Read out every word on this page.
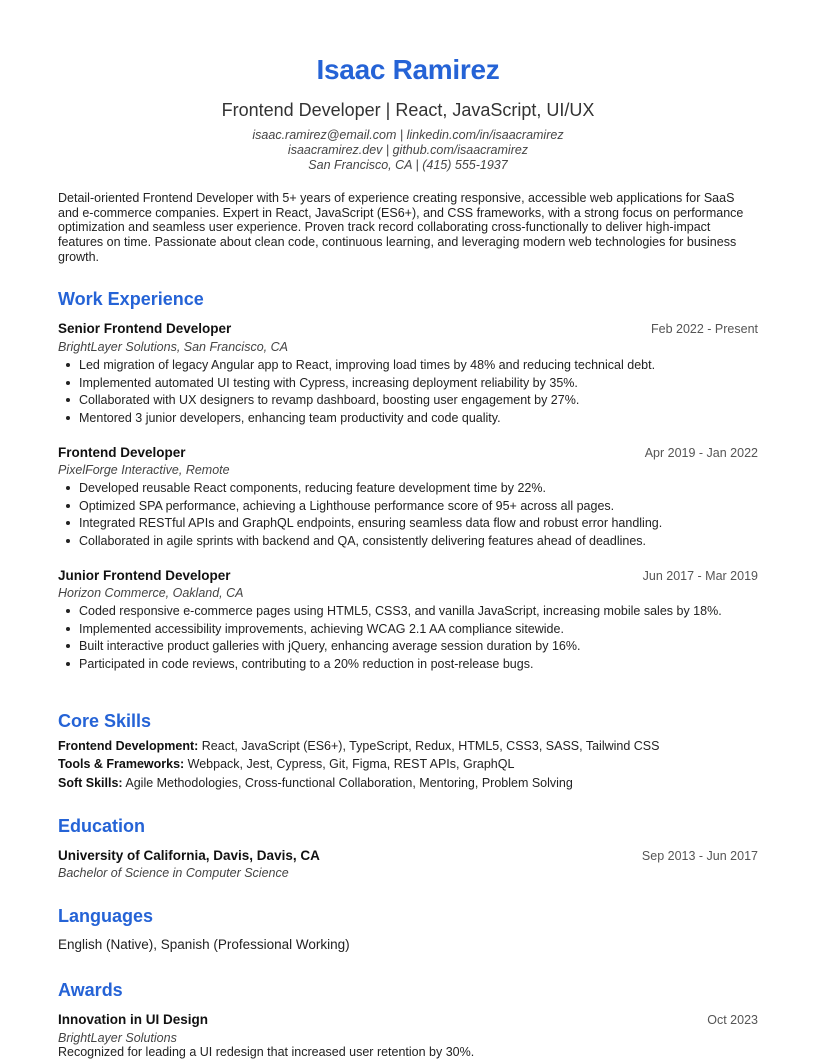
Isaac Ramirez
Frontend Developer | React, JavaScript, UI/UX
isaac.ramirez@email.com | linkedin.com/in/isaacramirez
isaacramirez.dev | github.com/isaacramirez
San Francisco, CA | (415) 555-1937
Detail-oriented Frontend Developer with 5+ years of experience creating responsive, accessible web applications for SaaS and e-commerce companies. Expert in React, JavaScript (ES6+), and CSS frameworks, with a strong focus on performance optimization and seamless user experience. Proven track record collaborating cross-functionally to deliver high-impact features on time. Passionate about clean code, continuous learning, and leveraging modern web technologies for business growth.
Work Experience
Senior Frontend Developer	Feb 2022 - Present
BrightLayer Solutions, San Francisco, CA
Led migration of legacy Angular app to React, improving load times by 48% and reducing technical debt.
Implemented automated UI testing with Cypress, increasing deployment reliability by 35%.
Collaborated with UX designers to revamp dashboard, boosting user engagement by 27%.
Mentored 3 junior developers, enhancing team productivity and code quality.
Frontend Developer	Apr 2019 - Jan 2022
PixelForge Interactive, Remote
Developed reusable React components, reducing feature development time by 22%.
Optimized SPA performance, achieving a Lighthouse performance score of 95+ across all pages.
Integrated RESTful APIs and GraphQL endpoints, ensuring seamless data flow and robust error handling.
Collaborated in agile sprints with backend and QA, consistently delivering features ahead of deadlines.
Junior Frontend Developer	Jun 2017 - Mar 2019
Horizon Commerce, Oakland, CA
Coded responsive e-commerce pages using HTML5, CSS3, and vanilla JavaScript, increasing mobile sales by 18%.
Implemented accessibility improvements, achieving WCAG 2.1 AA compliance sitewide.
Built interactive product galleries with jQuery, enhancing average session duration by 16%.
Participated in code reviews, contributing to a 20% reduction in post-release bugs.
Core Skills
Frontend Development: React, JavaScript (ES6+), TypeScript, Redux, HTML5, CSS3, SASS, Tailwind CSS
Tools & Frameworks: Webpack, Jest, Cypress, Git, Figma, REST APIs, GraphQL
Soft Skills: Agile Methodologies, Cross-functional Collaboration, Mentoring, Problem Solving
Education
University of California, Davis, Davis, CA	Sep 2013 - Jun 2017
Bachelor of Science in Computer Science
Languages
English (Native), Spanish (Professional Working)
Awards
Innovation in UI Design	Oct 2023
BrightLayer Solutions
Recognized for leading a UI redesign that increased user retention by 30%.
